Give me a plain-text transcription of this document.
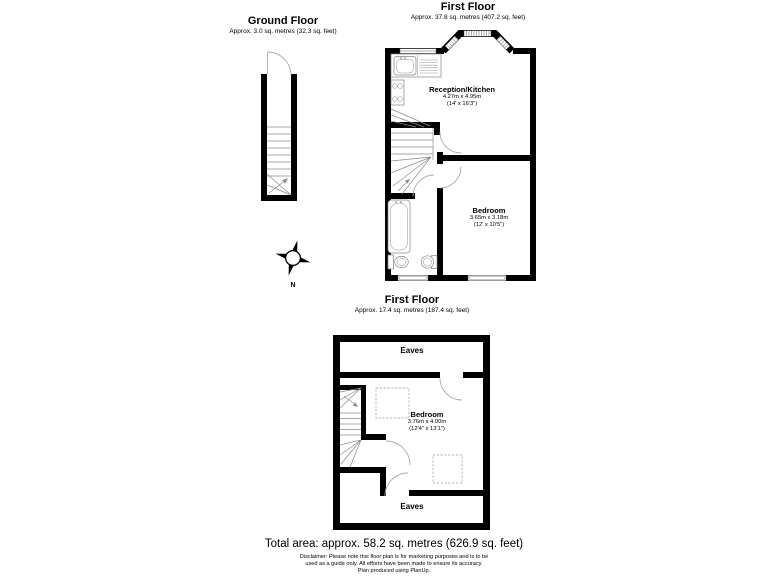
Ground Floor
Approx. 3.0 sq. metres (32.3 sq. feet)
First Floor
Approx. 37.8 sq. metres (407.2 sq. feet)
Reception/Kitchen
4.27m x 4.95m
(14' x 16'3")
Bedroom
3.65m x 3.18m
(12' x 10'5")
N
First Floor
Approx. 17.4 sq. metres (187.4 sq. feet)
Eaves
Bedroom
3.76m x 4.00m
(12'4" x 13'1")
Eaves
Total area: approx. 58.2 sq. metres (626.9 sq. feet)
Disclaimer: Please note this floor plan is for marketing purposes and is to be
used as a guide only. All efforts have been made to ensure its accuracy.
Plan produced using PlanUp.
